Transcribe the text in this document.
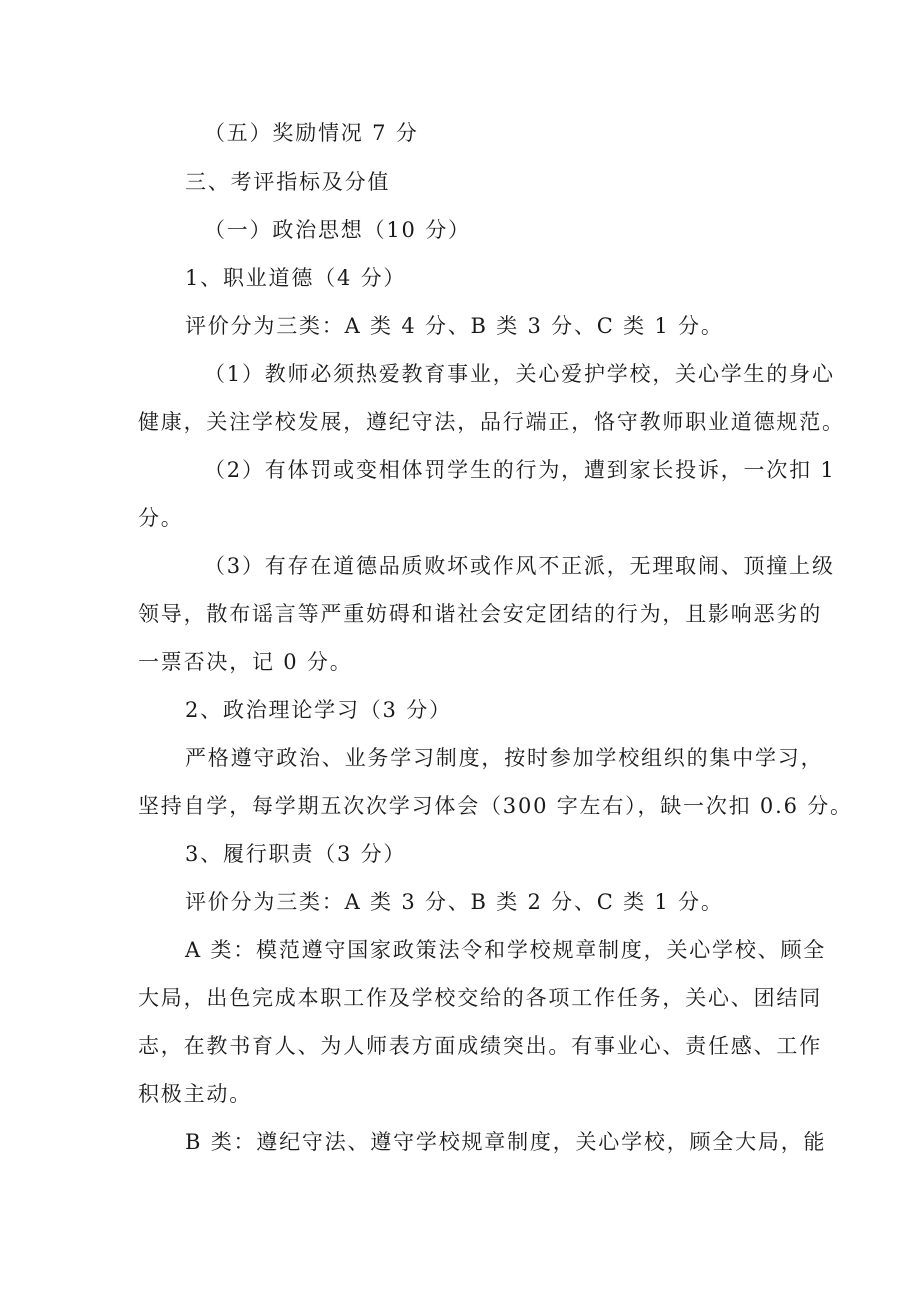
（五）奖励情况 7 分
三、考评指标及分值
（一）政治思想（10 分）
1、职业道德（4 分）
评价分为三类：A 类 4 分、B 类 3 分、C 类 1 分。
（1）教师必须热爱教育事业，关心爱护学校，关心学生的身心
健康，关注学校发展，遵纪守法，品行端正，恪守教师职业道德规范。
（2）有体罚或变相体罚学生的行为，遭到家长投诉，一次扣 1
分。
（3）有存在道德品质败坏或作风不正派，无理取闹、顶撞上级
领导，散布谣言等严重妨碍和谐社会安定团结的行为，且影响恶劣的
一票否决，记 0 分。
2、政治理论学习（3 分）
严格遵守政治、业务学习制度，按时参加学校组织的集中学习，
坚持自学，每学期五次次学习体会（300 字左右），缺一次扣 0.6 分。
3、履行职责（3 分）
评价分为三类：A 类 3 分、B 类 2 分、C 类 1 分。
A 类：模范遵守国家政策法令和学校规章制度，关心学校、顾全
大局，出色完成本职工作及学校交给的各项工作任务，关心、团结同
志，在教书育人、为人师表方面成绩突出。有事业心、责任感、工作
积极主动。
B 类：遵纪守法、遵守学校规章制度，关心学校，顾全大局，能
